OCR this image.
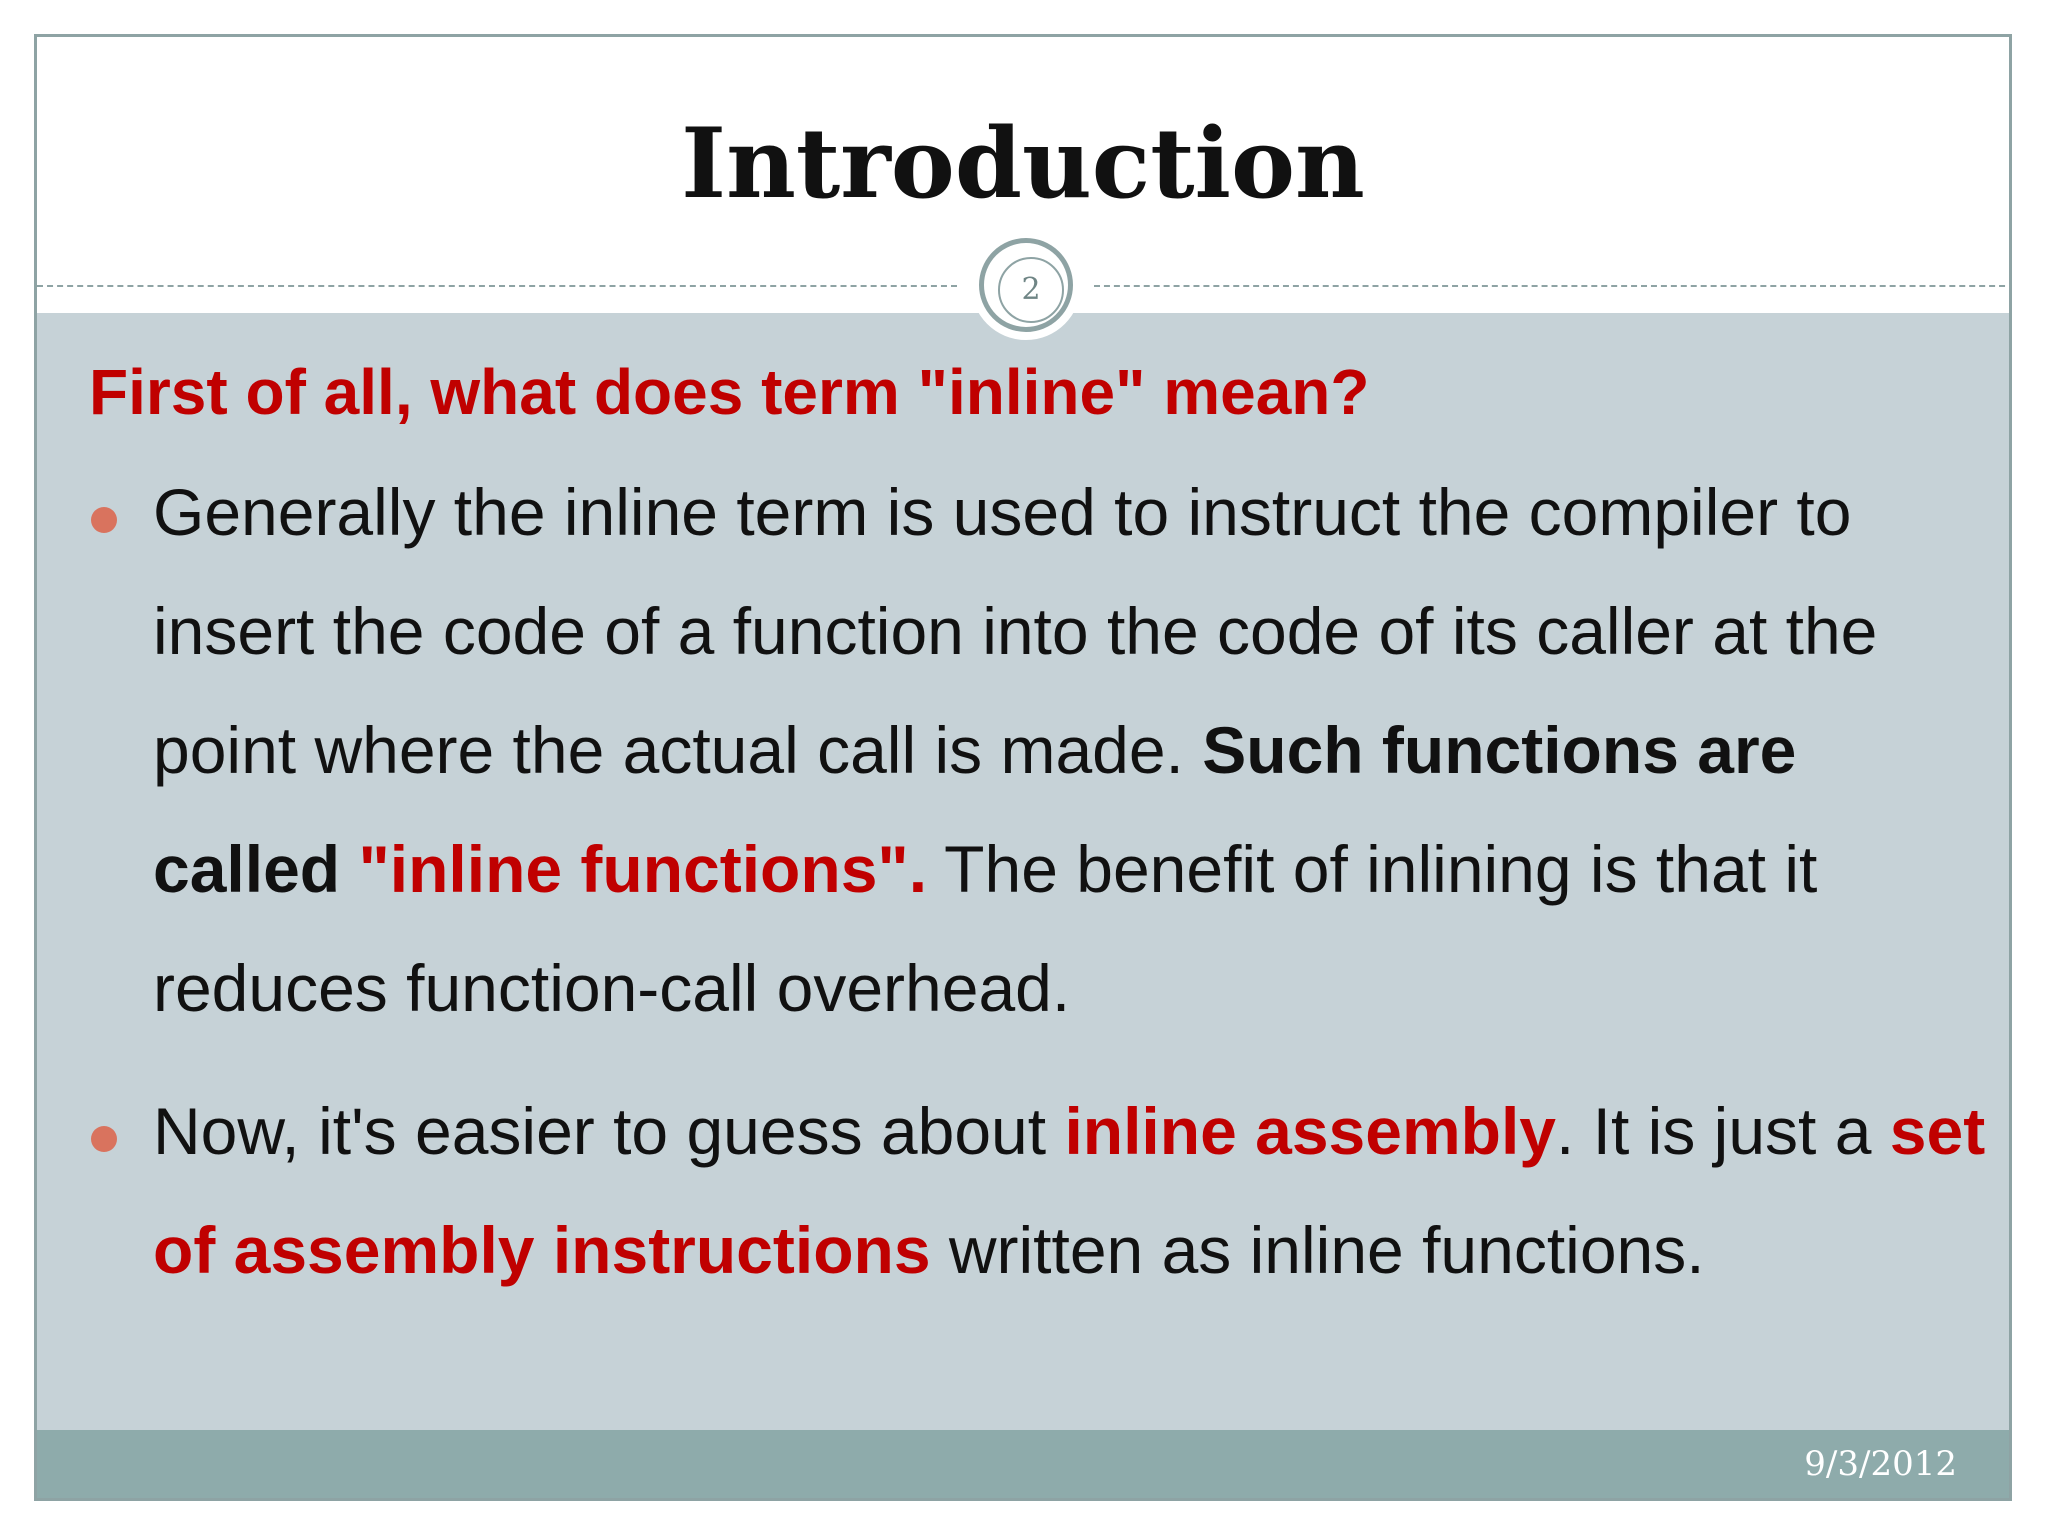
Introduction
2
First of all, what does term "inline" mean?
Generally the inline term is used to instruct the compiler to insert the code of a function into the code of its caller at the point where the actual call is made. Such functions are called "inline functions". The benefit of inlining is that it reduces function-call overhead.
Now, it's easier to guess about inline assembly. It is just a set of assembly instructions written as inline functions.
9/3/2012
